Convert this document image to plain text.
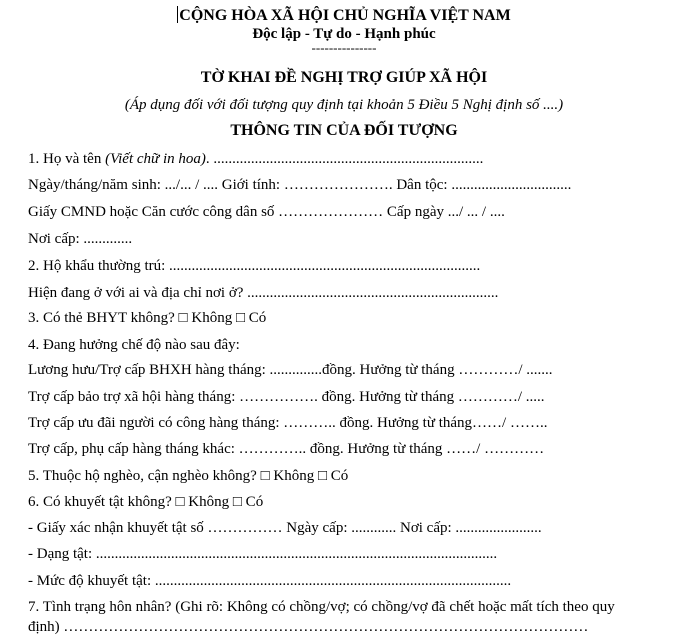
CỘNG HÒA XÃ HỘI CHỦ NGHĨA VIỆT NAM
Độc lập - Tự do - Hạnh phúc
---------------
TỜ KHAI ĐỀ NGHỊ TRỢ GIÚP XÃ HỘI
(Áp dụng đối với đối tượng quy định tại khoản 5 Điều 5 Nghị định số ....)
THÔNG TIN CỦA ĐỐI TƯỢNG
1. Họ và tên (Viết chữ in hoa). ........................................................................
Ngày/tháng/năm sinh: .../... / .... Giới tính: …………………. Dân tộc: ................................
Giấy CMND hoặc Căn cước công dân số ………………… Cấp ngày .../ ... / ....
Nơi cấp: .............
2. Hộ khẩu thường trú: ...................................................................................
Hiện đang ở với ai và địa chỉ nơi ở? ...................................................................
3. Có thẻ BHYT không? □ Không □ Có
4. Đang hưởng chế độ nào sau đây:
Lương hưu/Trợ cấp BHXH hàng tháng: ..............đồng. Hưởng từ tháng …………/ .......
Trợ cấp bảo trợ xã hội hàng tháng: ……………. đồng. Hưởng từ tháng …………/ .....
Trợ cấp ưu đãi người có công hàng tháng: ……….. đồng. Hưởng từ tháng……/ ……..
Trợ cấp, phụ cấp hàng tháng khác: ………….. đồng. Hưởng từ tháng ……/ …………
5. Thuộc hộ nghèo, cận nghèo không? □ Không □ Có
6. Có khuyết tật không? □ Không □ Có
- Giấy xác nhận khuyết tật số …………… Ngày cấp: ............ Nơi cấp: .......................
- Dạng tật: ...........................................................................................................
- Mức độ khuyết tật: ...............................................................................................
7. Tình trạng hôn nhân? (Ghi rõ: Không có chồng/vợ; có chồng/vợ đã chết hoặc mất tích theo quy
định) ……………………………………………………………………………………………
